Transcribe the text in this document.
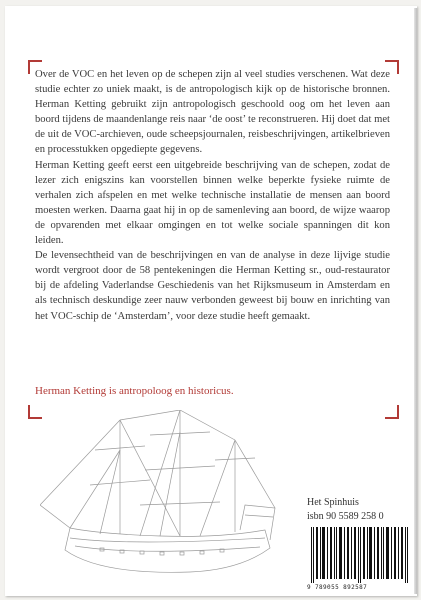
Over de VOC en het leven op de schepen zijn al veel studies verschenen. Wat deze studie echter zo uniek maakt, is de antropologisch kijk op de historische bronnen. Herman Ketting gebruikt zijn antropologisch geschoold oog om het leven aan boord tijdens de maandenlange reis naar ‘de oost’ te reconstrueren. Hij doet dat met de uit de VOC-archieven, oude scheepsjournalen, reisbeschrijvingen, artikelbrieven en processtukken opgediepte gegevens.

Herman Ketting geeft eerst een uitgebreide beschrijving van de schepen, zodat de lezer zich enigszins kan voorstellen binnen welke beperkte fysieke ruimte de verhalen zich afspelen en met welke technische installatie de mensen aan boord moesten werken. Daarna gaat hij in op de samenleving aan boord, de wijze waarop de opvarenden met elkaar omgingen en tot welke sociale spanningen dit kon leiden.

De levensechtheid van de beschrijvingen en van de analyse in deze lijvige studie wordt vergroot door de 58 pentekeningen die Herman Ketting sr., oud-restaurator bij de afdeling Vaderlandse Geschiedenis van het Rijksmuseum in Amsterdam en als technisch deskundige zeer nauw verbonden geweest bij bouw en inrichting van het VOC-schip de ‘Amsterdam’, voor deze studie heeft gemaakt.

Herman Ketting is antropoloog en historicus.
Het Spinhuis
isbn 90 5589 258 0
9 789055 892587
